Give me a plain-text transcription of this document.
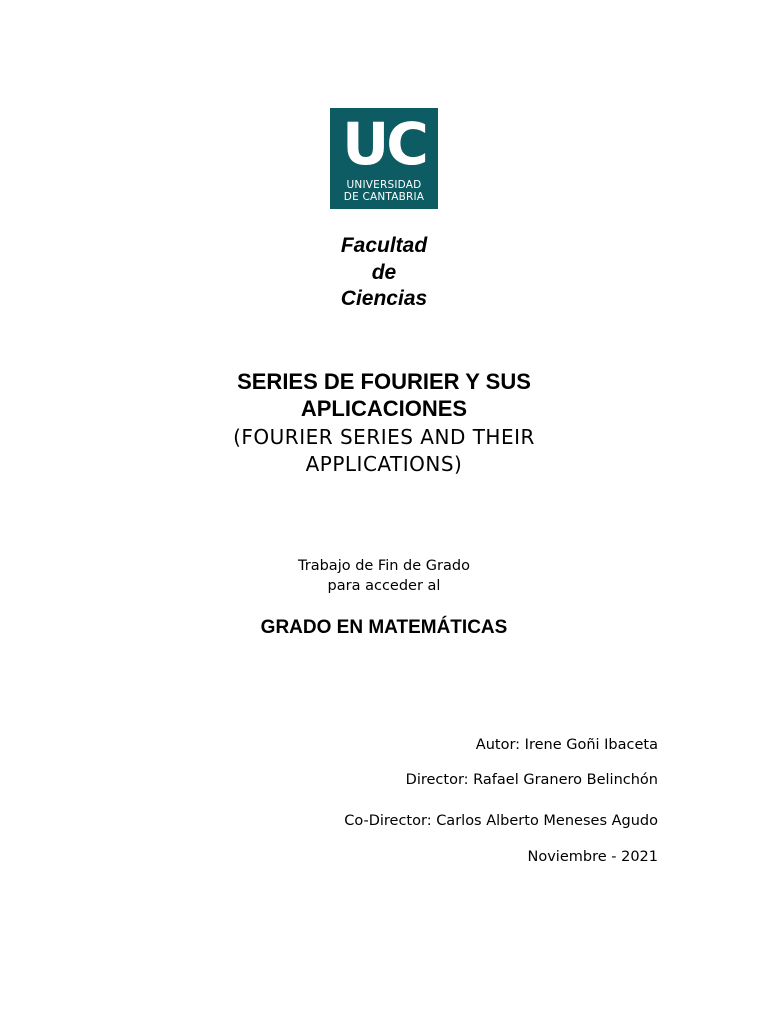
UC
UNIVERSIDAD
DE CANTABRIA
Facultad
de
Ciencias
SERIES DE FOURIER Y SUS
APLICACIONES
(FOURIER SERIES AND THEIR
APPLICATIONS)
Trabajo de Fin de Grado
para acceder al
GRADO EN MATEMÁTICAS
Autor: Irene Goñi Ibaceta
Director: Rafael Granero Belinchón
Co-Director: Carlos Alberto Meneses Agudo
Noviembre - 2021
